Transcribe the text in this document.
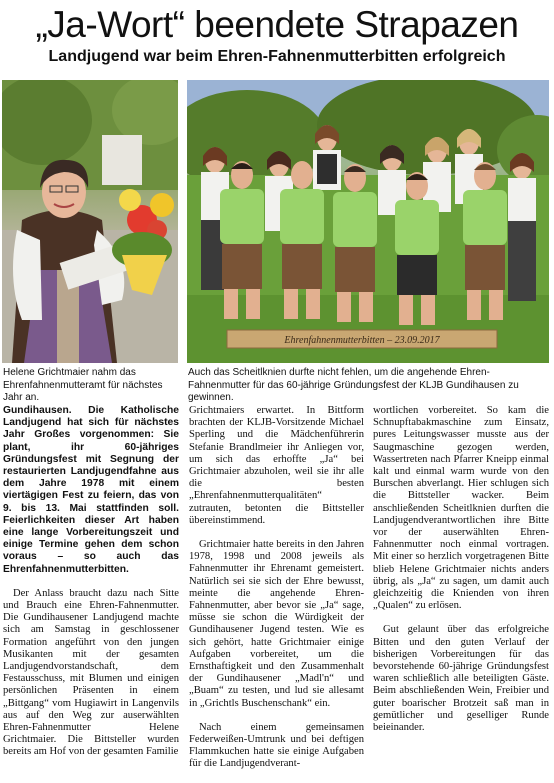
„Ja-Wort“ beendete Strapazen
Landjugend war beim Ehren-Fahnenmutterbitten erfolgreich
Ehrenfahnenmutterbitten – 23.09.2017
Helene Grichtmaier nahm das Ehrenfahnenmutteramt für nächstes Jahr an.
Auch das Scheitlknien durfte nicht fehlen, um die angehende Ehren-Fahnenmutter für das 60-jährige Gründungsfest der KLJB Gundihausen zu gewinnen.

Gundihausen. Die Katholische Landjugend hat sich für nächstes Jahr Großes vorgenommen: Sie plant, ihr 60-jähriges Gründungsfest mit Segnung der restaurierten Landjugendfahne aus dem Jahre 1978 mit einem viertägigen Fest zu feiern, das von 9. bis 13. Mai stattfinden soll. Feierlichkeiten dieser Art haben eine lange Vorbereitungszeit und einige Termine gehen dem schon voraus – so auch das Ehrenfahnenmutterbitten.

Der Anlass braucht dazu nach Sitte und Brauch eine Ehren-Fahnenmutter. Die Gundihausener Landjugend machte sich am Samstag in geschlossener Formation angeführt von den jungen Musikanten mit der gesamten Landjugendvorstandschaft, dem Festausschuss, mit Blumen und einigen persönlichen Präsenten in einem „Bittgang“ vom Hugiawirt in Langenvils aus auf den Weg zur auserwählten Ehren-Fahnenmutter Helene Grichtmaier. Die Bittsteller wurden bereits am Hof von der gesamten Familie

Grichtmaiers erwartet. In Bittform brachten der KLJB-Vorsitzende Michael Sperling und die Mädchenführerin Stefanie Brandlmeier ihr Anliegen vor, um sich das erhoffte „Ja“ bei Grichtmaier abzuholen, weil sie ihr alle die besten „Ehrenfahnenmutterqualitäten“ zutrauten, betonten die Bittsteller übereinstimmend.

Grichtmaier hatte bereits in den Jahren 1978, 1998 und 2008 jeweils als Fahnenmutter ihr Ehrenamt gemeistert. Natürlich sei sie sich der Ehre bewusst, meinte die angehende Ehren-Fahnenmutter, aber bevor sie „Ja“ sage, müsse sie schon die Würdigkeit der Gundihausener Jugend testen. Wie es sich gehört, hatte Grichtmaier einige Aufgaben vorbereitet, um die Ernsthaftigkeit und den Zusammenhalt der Gundihausener „Madl'n“ und „Buam“ zu testen, und lud sie allesamt in „Grichtls Buschenschank“ ein.

Nach einem gemeinsamen Federweißen-Umtrunk und bei deftigen Flammkuchen hatte sie einige Aufgaben für die Landjugendverant-

wortlichen vorbereitet. So kam die Schnupftabakmaschine zum Einsatz, pures Leitungswasser musste aus der Saugmaschine gezogen werden, Wassertreten nach Pfarrer Kneipp einmal kalt und einmal warm wurde von den Burschen abverlangt. Hier schlugen sich die Bittsteller wacker. Beim anschließenden Scheitlknien durften die Landjugendverantwortlichen ihre Bitte vor der auserwählten Ehren-Fahnenmutter noch einmal vortragen. Mit einer so herzlich vorgetragenen Bitte blieb Helene Grichtmaier nichts anders übrig, als „Ja“ zu sagen, um damit auch gleichzeitig die Knienden von ihren „Qualen“ zu erlösen.

Gut gelaunt über das erfolgreiche Bitten und den guten Verlauf der bisherigen Vorbereitungen für das bevorstehende 60-jährige Gründungsfest waren schließlich alle beteiligten Gäste. Beim abschließenden Wein, Freibier und guter boarischer Brotzeit saß man in gemütlicher und geselliger Runde beieinander.
